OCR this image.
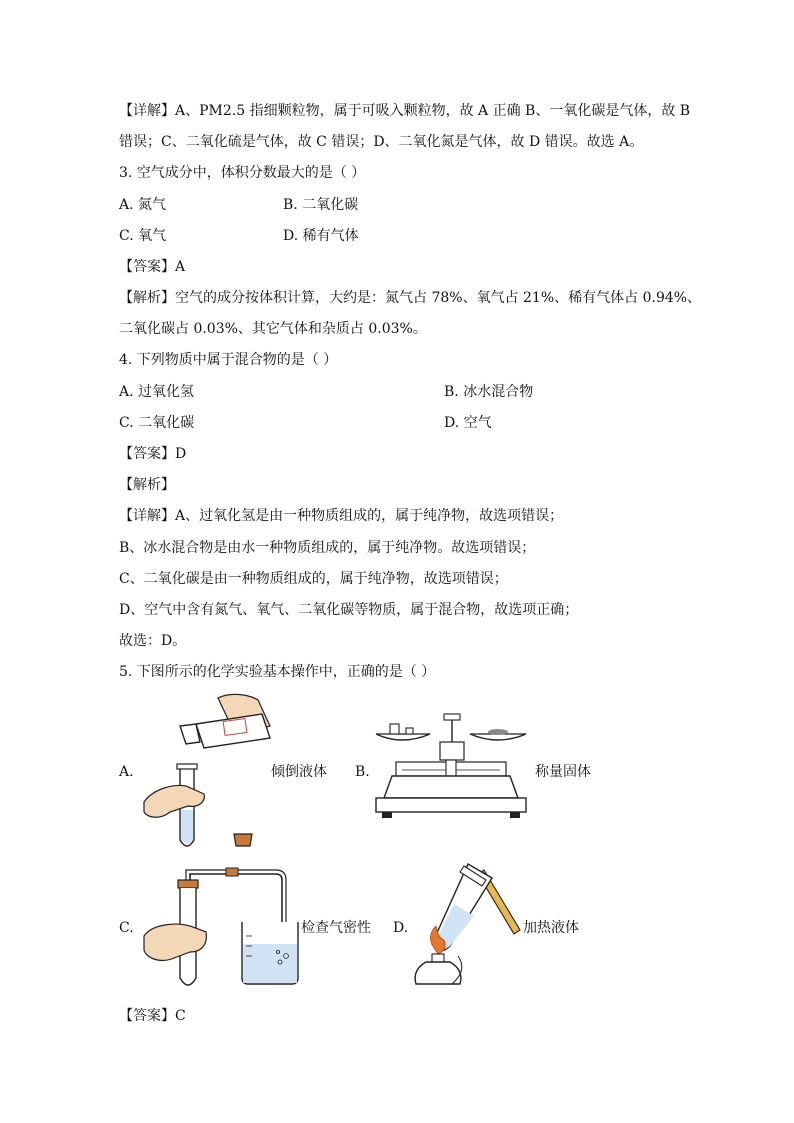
【详解】A、PM2.5 指细颗粒物，属于可吸入颗粒物，故 A 正确 B、一氧化碳是气体，故 B
错误；C、二氧化硫是气体，故 C 错误；D、二氧化氮是气体，故 D 错误。故选 A。
3. 空气成分中，体积分数最大的是（ ）
A. 氮气	B. 二氧化碳
C. 氧气	D. 稀有气体
【答案】A
【解析】空气的成分按体积计算，大约是：氮气占 78%、氧气占 21%、稀有气体占 0.94%、
二氧化碳占 0.03%、其它气体和杂质占 0.03%。
4. 下列物质中属于混合物的是（ ）
A. 过氧化氢	B. 冰水混合物
C. 二氧化碳	D. 空气
【答案】D
【解析】
【详解】A、过氧化氢是由一种物质组成的，属于纯净物，故选项错误；
B、冰水混合物是由水一种物质组成的，属于纯净物。故选项错误；
C、二氧化碳是由一种物质组成的，属于纯净物，故选项错误；
D、空气中含有氮气、氧气、二氧化碳等物质，属于混合物，故选项正确；
故选：D。
5. 下图所示的化学实验基本操作中，正确的是（ ）
A.	倾倒液体 B.	称量固体
C.	检查气密性 D.	加热液体
【答案】C
